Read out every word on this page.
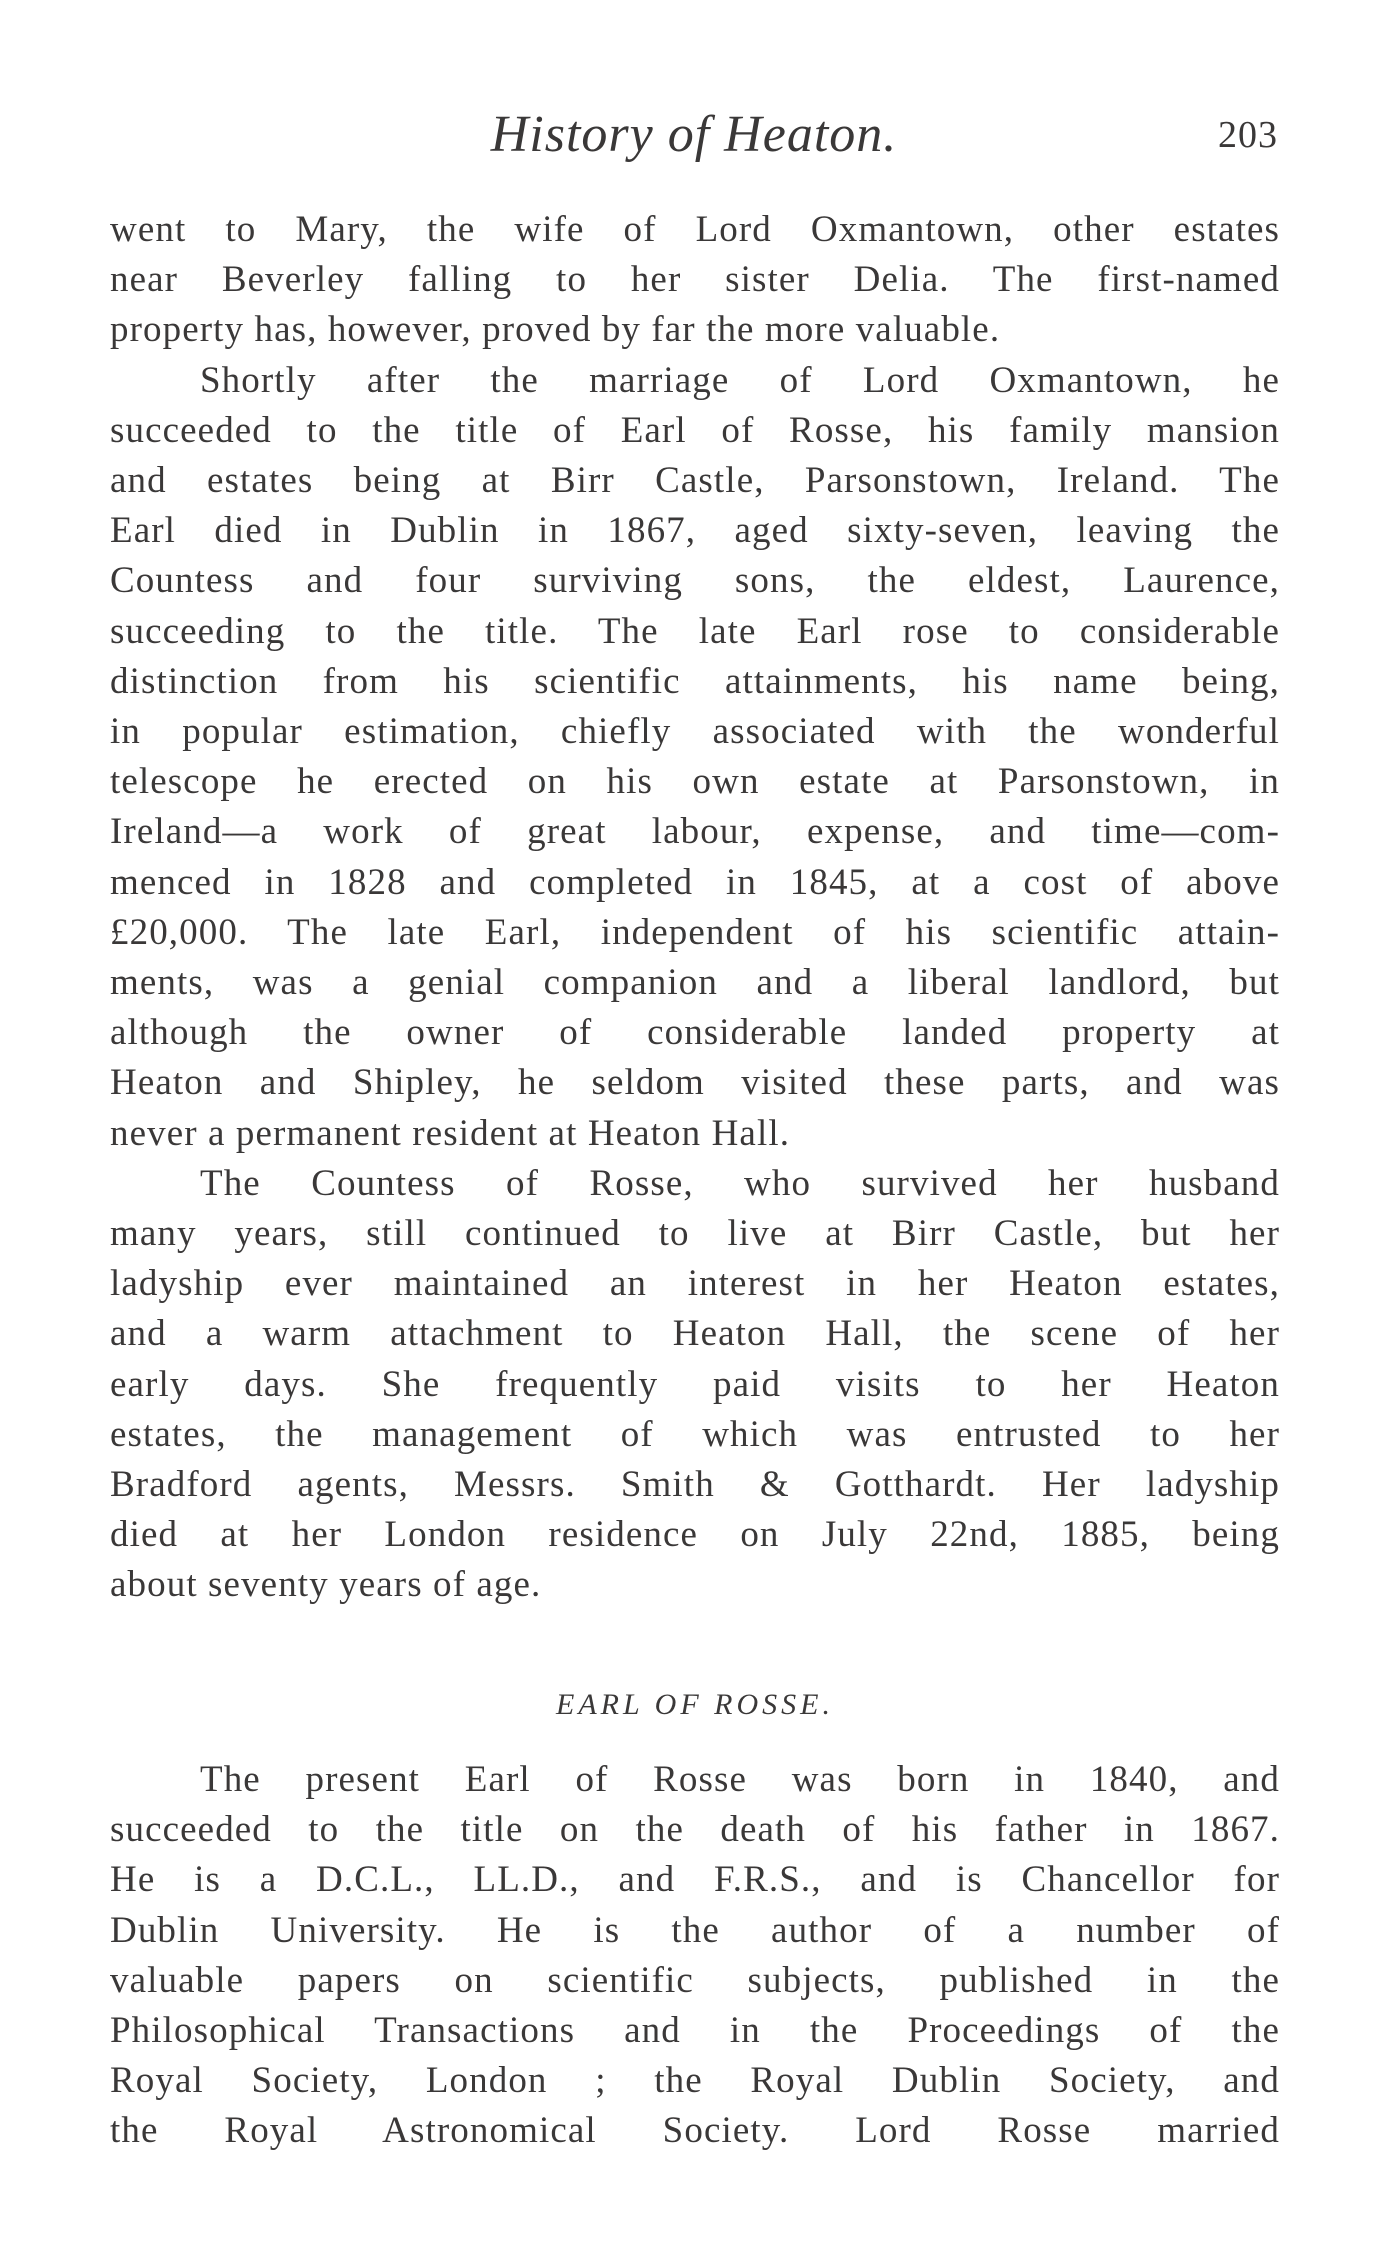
History of Heaton.	203
went to Mary, the wife of Lord Oxmantown, other estates
near Beverley falling to her sister Delia. The first-named
property has, however, proved by far the more valuable.
Shortly after the marriage of Lord Oxmantown, he
succeeded to the title of Earl of Rosse, his family mansion
and estates being at Birr Castle, Parsonstown, Ireland. The
Earl died in Dublin in 1867, aged sixty-seven, leaving the
Countess and four surviving sons, the eldest, Laurence,
succeeding to the title. The late Earl rose to considerable
distinction from his scientific attainments, his name being,
in popular estimation, chiefly associated with the wonderful
telescope he erected on his own estate at Parsonstown, in
Ireland—a work of great labour, expense, and time—com-
menced in 1828 and completed in 1845, at a cost of above
£20,000. The late Earl, independent of his scientific attain-
ments, was a genial companion and a liberal landlord, but
although the owner of considerable landed property at
Heaton and Shipley, he seldom visited these parts, and was
never a permanent resident at Heaton Hall.
The Countess of Rosse, who survived her husband
many years, still continued to live at Birr Castle, but her
ladyship ever maintained an interest in her Heaton estates,
and a warm attachment to Heaton Hall, the scene of her
early days. She frequently paid visits to her Heaton
estates, the management of which was entrusted to her
Bradford agents, Messrs. Smith & Gotthardt. Her ladyship
died at her London residence on July 22nd, 1885, being
about seventy years of age.
EARL OF ROSSE.
The present Earl of Rosse was born in 1840, and
succeeded to the title on the death of his father in 1867.
He is a D.C.L., LL.D., and F.R.S., and is Chancellor for
Dublin University. He is the author of a number of
valuable papers on scientific subjects, published in the
Philosophical Transactions and in the Proceedings of the
Royal Society, London ; the Royal Dublin Society, and
the Royal Astronomical Society. Lord Rosse married
